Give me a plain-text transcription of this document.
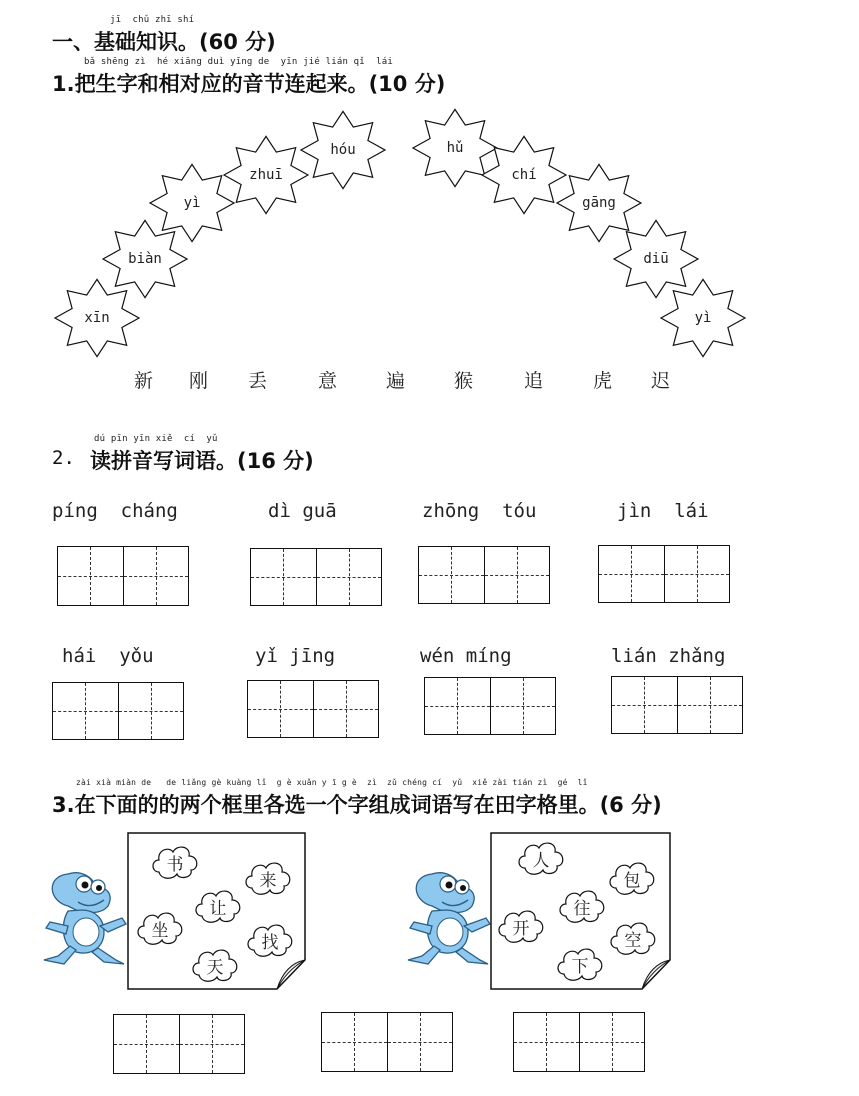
jī  chǔ zhī shí
一、基础知识。(60 分)
bǎ shēng zì  hé xiāng duì yīng de  yīn jié lián qǐ  lái
1.把生字和相对应的音节连起来。(10 分)
xīn
biàn
yì
zhuī
hóu	hǔ
chí
gāng
diū
yì
新 刚 丢	意	遍	猴	追	虎 迟
dú pīn yīn xiě  cí  yǔ
2. 读拼音写词语。(16 分)
píng  cháng	dì guā	zhōng  tóu	jìn  lái
hái  yǒu	yǐ jīng	wén míng	lián zhǎng
zài xià miàn de   de liǎng gè kuàng lǐ  g è xuǎn y ī g è  zì  zǔ chéng cí  yǔ  xiě zài tián zì  gé  lǐ
3.在下面的的两个框里各选一个字组成词语写在田字格里。(6 分)
书
来
让
坐
找
天
人
包
往
开
空
下
